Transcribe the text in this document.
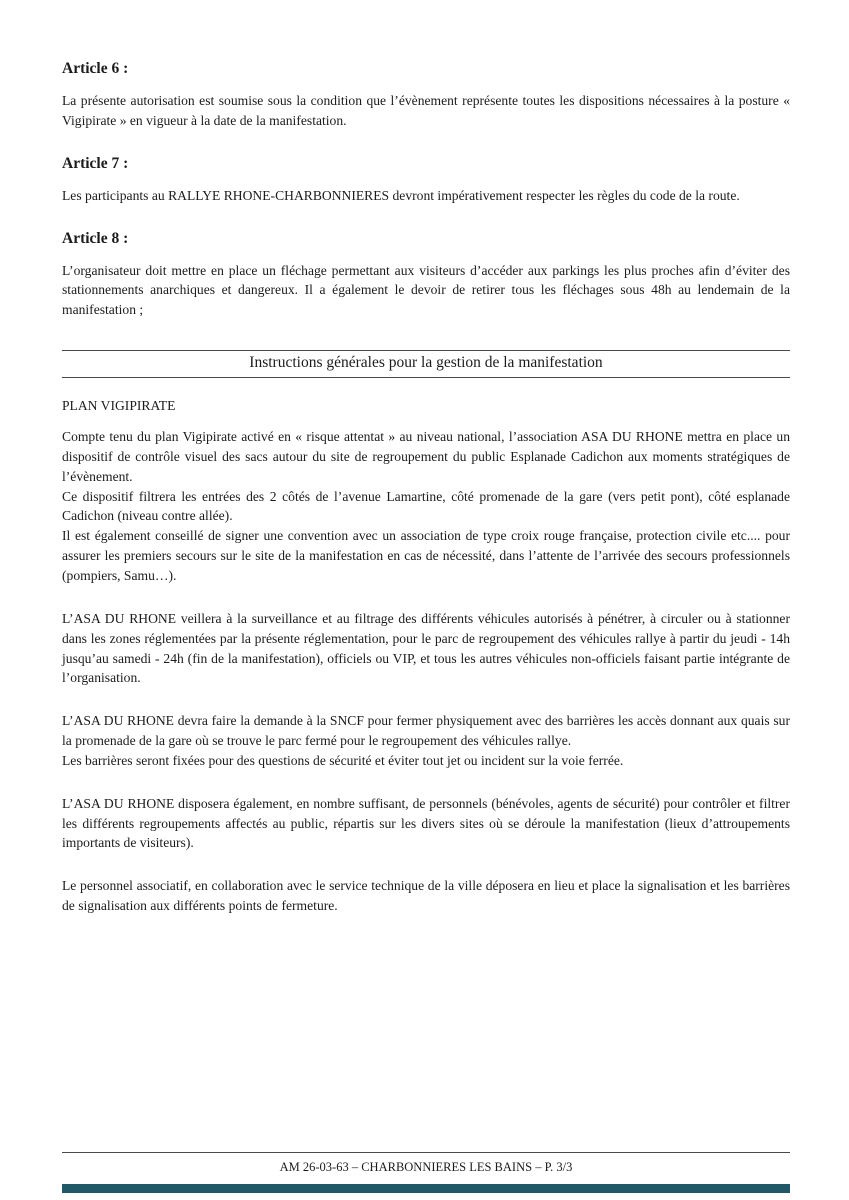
Article 6 :

La présente autorisation est soumise sous la condition que l’évènement représente toutes les dispositions nécessaires à la posture « Vigipirate » en vigueur à la date de la manifestation.

Article 7 :

Les participants au RALLYE RHONE-CHARBONNIERES devront impérativement respecter les règles du code de la route.

Article 8 :

L’organisateur doit mettre en place un fléchage permettant aux visiteurs d’accéder aux parkings les plus proches afin d’éviter des stationnements anarchiques et dangereux. Il a également le devoir de retirer tous les fléchages sous 48h au lendemain de la manifestation ;

Instructions générales pour la gestion de la manifestation

PLAN VIGIPIRATE

Compte tenu du plan Vigipirate activé en « risque attentat » au niveau national, l’association ASA DU RHONE mettra en place un dispositif de contrôle visuel des sacs autour du site de regroupement du public Esplanade Cadichon aux moments stratégiques de l’évènement.

Ce dispositif filtrera les entrées des 2 côtés de l’avenue Lamartine, côté promenade de la gare (vers petit pont), côté esplanade Cadichon (niveau contre allée).

Il est également conseillé de signer une convention avec un association de type croix rouge française, protection civile etc.... pour assurer les premiers secours sur le site de la manifestation en cas de nécessité, dans l’attente de l’arrivée des secours professionnels (pompiers, Samu…).

L’ASA DU RHONE veillera à la surveillance et au filtrage des différents véhicules autorisés à pénétrer, à circuler ou à stationner dans les zones réglementées par la présente réglementation, pour le parc de regroupement des véhicules rallye à partir du jeudi - 14h jusqu’au samedi - 24h (fin de la manifestation), officiels ou VIP, et tous les autres véhicules non-officiels faisant partie intégrante de l’organisation.

L’ASA DU RHONE devra faire la demande à la SNCF pour fermer physiquement avec des barrières les accès donnant aux quais sur la promenade de la gare où se trouve le parc fermé pour le regroupement des véhicules rallye.

Les barrières seront fixées pour des questions de sécurité et éviter tout jet ou incident sur la voie ferrée.

L’ASA DU RHONE disposera également, en nombre suffisant, de personnels (bénévoles, agents de sécurité) pour contrôler et filtrer les différents regroupements affectés au public, répartis sur les divers sites où se déroule la manifestation (lieux d’attroupements importants de visiteurs).

Le personnel associatif, en collaboration avec le service technique de la ville déposera en lieu et place la signalisation et les barrières de signalisation aux différents points de fermeture.

AM 26-03-63 – CHARBONNIERES LES BAINS – P. 3/3
